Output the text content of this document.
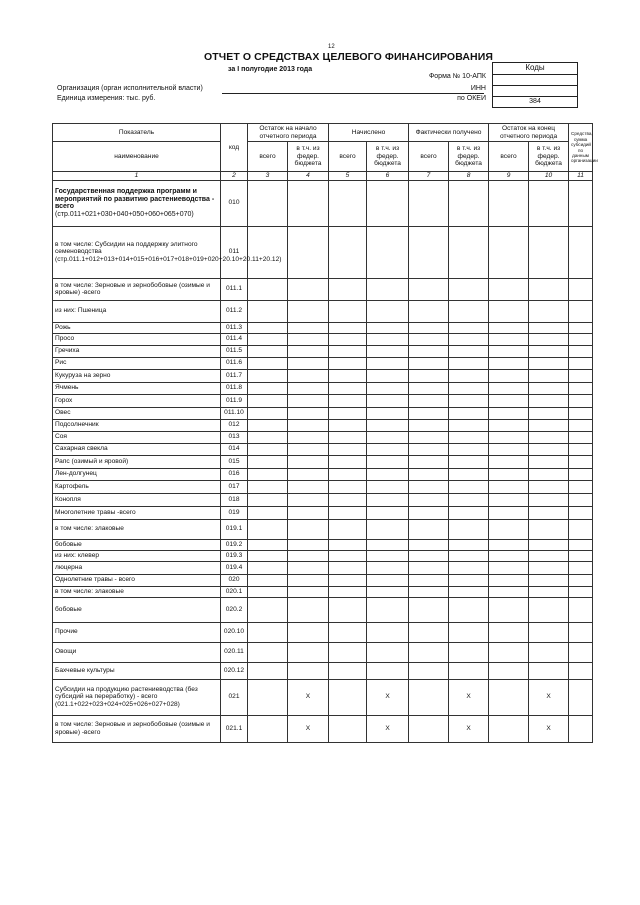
12
ОТЧЕТ О СРЕДСТВАХ ЦЕЛЕВОГО ФИНАНСИРОВАНИЯ
за I полугодие 2013 года
Форма № 10-АПК
Организация (орган исполнительной власти)	ИНН
Единица измерения: тыс. руб.	по ОКЕИ
Коды
384
Показатель	код	Остаток на начало отчетного периода		Начислено		Фактически получено		Остаток на конец отчетного периода		Средства, сумма субсидий по данным организации
наименование		всего	в т.ч. из федер. бюджета	всего	в т.ч. из федер. бюджета	всего	в т.ч. из федер. бюджета	всего	в т.ч. из федер. бюджета	
1	2	3	4	5	6	7	8	9	10	11
Государственная поддержка программ и мероприятий по развитию растениеводства - всего
(стр.011+021+030+040+050+060+065+070)	010									
в том числе: Субсидии на поддержку элитного семеноводства
(стр.011.1+012+013+014+015+016+017+018+019+020+20.10+20.11+20.12)	011									
в том числе: Зерновые и зернобобовые (озимые и яровые) -всего	011.1									
из них: Пшеница	011.2									
Рожь	011.3									
Просо	011.4									
Гречиха	011.5									
Рис	011.6									
Кукуруза на зерно	011.7									
Ячмень	011.8									
Горох	011.9									
Овес	011.10									
Подсолнечник	012									
Соя	013									
Сахарная свекла	014									
Рапс (озимый и яровой)	015									
Лен-долгунец	016									
Картофель	017									
Конопля	018									
Многолетние травы -всего	019									
в том числе: злаковые	019.1									
бобовые	019.2									
из них: клевер	019.3									
люцерна	019.4									
Однолетние травы - всего	020									
в том числе: злаковые	020.1									
бобовые	020.2									
Прочие	020.10									
Овощи	020.11									
Бахчевые культуры	020.12									
Субсидии на продукцию растениеводства (без субсидий на переработку) - всего
(021.1+022+023+024+025+026+027+028)	021		X		X		X		X	
в том числе: Зерновые и зернобобовые (озимые и яровые) -всего	021.1		X		X		X		X	
